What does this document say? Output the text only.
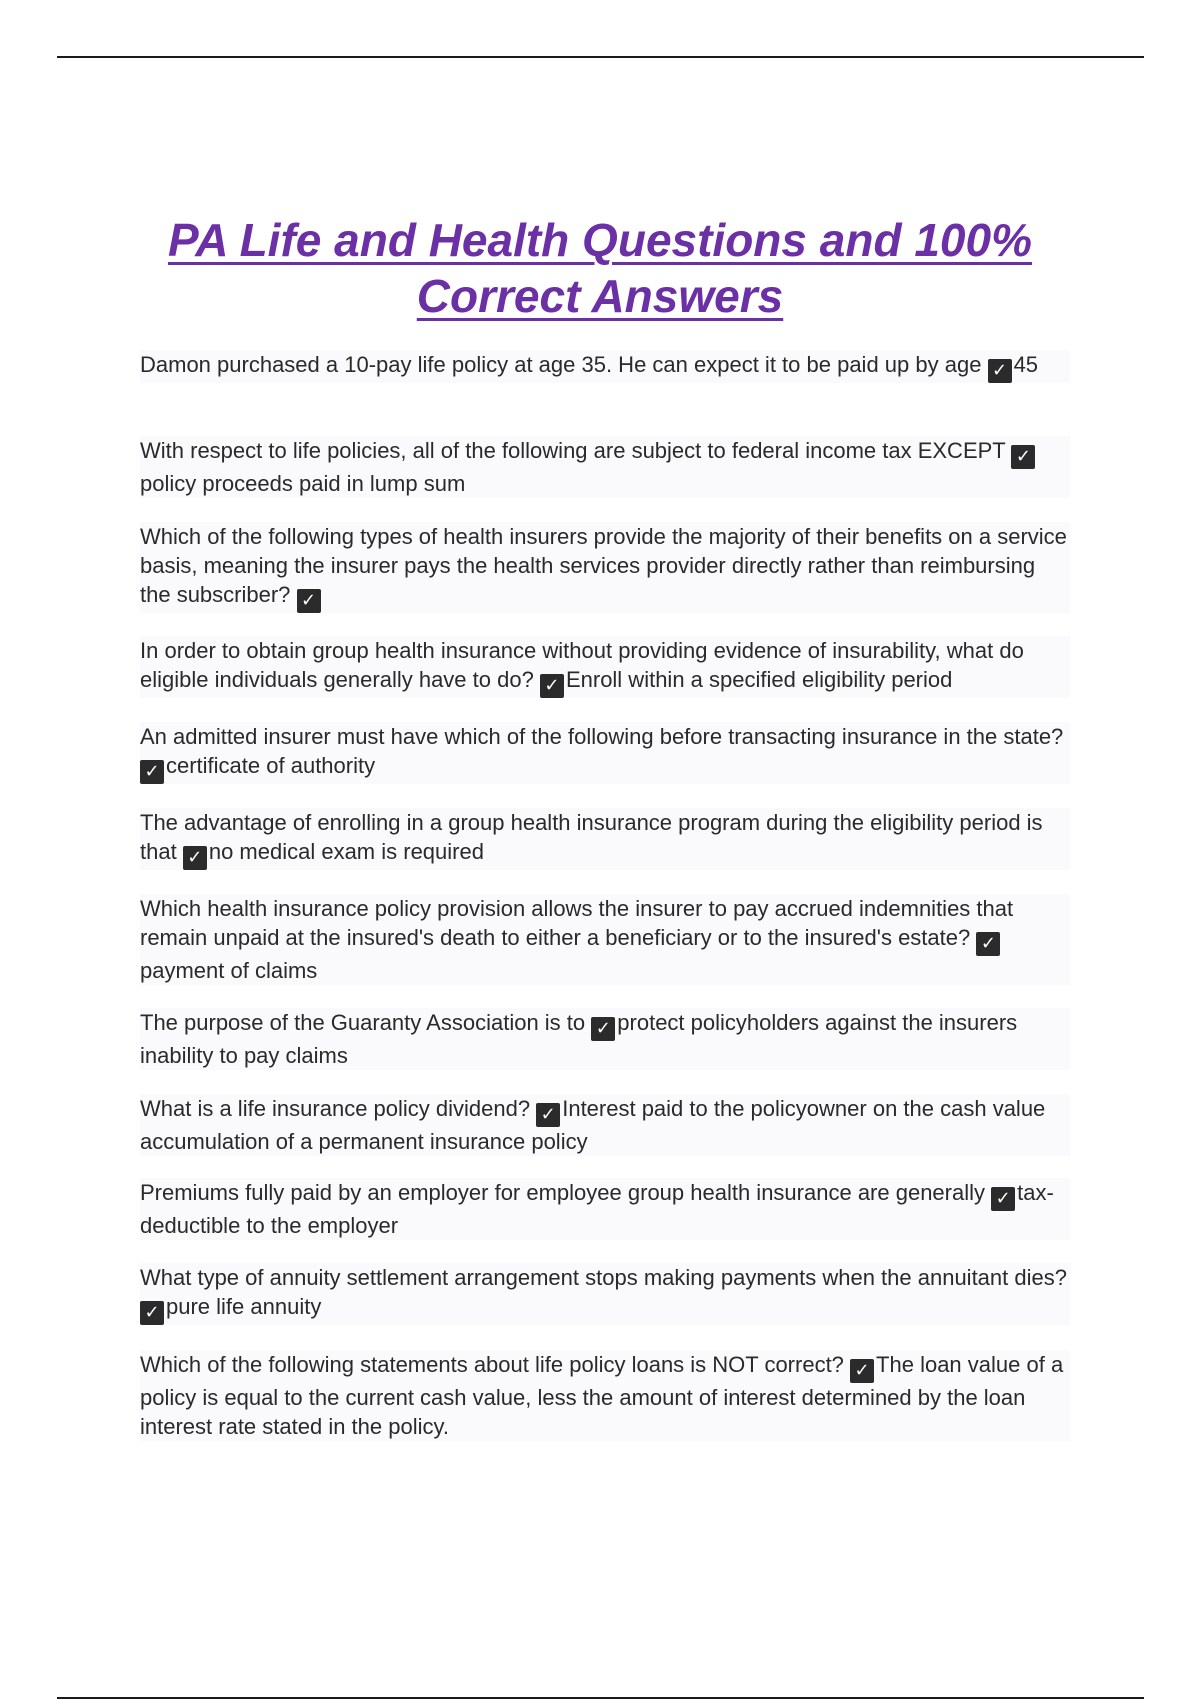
PA Life and Health Questions and 100%
Correct Answers
Damon purchased a 10-pay life policy at age 35. He can expect it to be paid up by age ✓ 45
With respect to life policies, all of the following are subject to federal income tax EXCEPT ✓policy proceeds paid in lump sum
Which of the following types of health insurers provide the majority of their benefits on a service basis, meaning the insurer pays the health services provider directly rather than reimbursing the subscriber? ✓
In order to obtain group health insurance without providing evidence of insurability, what do eligible individuals generally have to do? ✓ Enroll within a specified eligibility period
An admitted insurer must have which of the following before transacting insurance in the state? ✓ certificate of authority
The advantage of enrolling in a group health insurance program during the eligibility period is that ✓ no medical exam is required
Which health insurance policy provision allows the insurer to pay accrued indemnities that remain unpaid at the insured's death to either a beneficiary or to the insured's estate? ✓payment of claims
The purpose of the Guaranty Association is to ✓ protect policyholders against the insurers inability to pay claims
What is a life insurance policy dividend? ✓ Interest paid to the policyowner on the cash value accumulation of a permanent insurance policy
Premiums fully paid by an employer for employee group health insurance are generally ✓ tax-deductible to the employer
What type of annuity settlement arrangement stops making payments when the annuitant dies? ✓ pure life annuity
Which of the following statements about life policy loans is NOT correct? ✓ The loan value of a policy is equal to the current cash value, less the amount of interest determined by the loan interest rate stated in the policy.
